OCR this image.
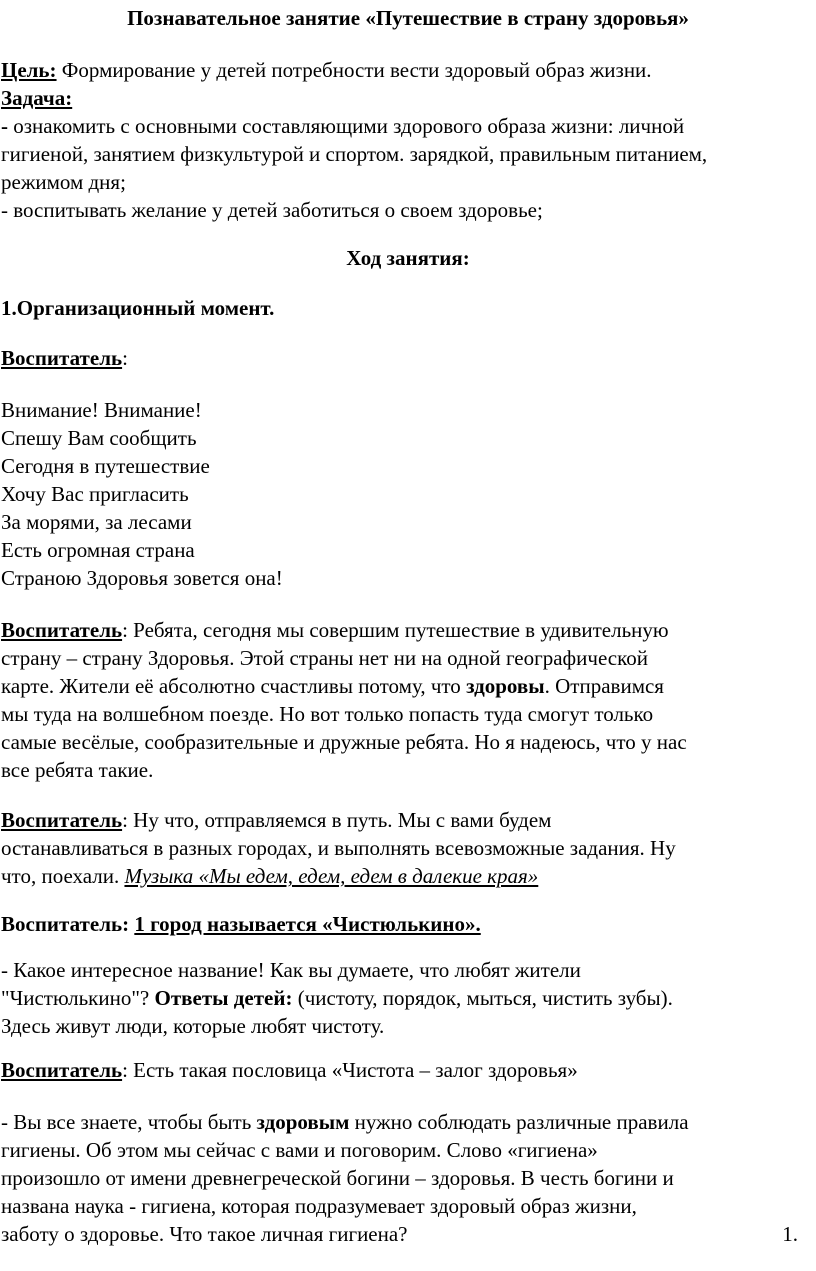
Познавательное занятие «Путешествие в страну здоровья»
Цель: Формирование у детей потребности вести здоровый образ жизни.
Задача:
- ознакомить с основными составляющими здорового образа жизни: личной
гигиеной, занятием физкультурой и спортом. зарядкой, правильным питанием,
режимом дня;
- воспитывать желание у детей заботиться о своем здоровье;
Ход занятия:
1.Организационный момент.
Воспитатель:
Внимание! Внимание!
Спешу Вам сообщить
Сегодня в путешествие
Хочу Вас пригласить
За морями, за лесами
Есть огромная страна
Страною Здоровья зовется она!
Воспитатель: Ребята, сегодня мы совершим путешествие в удивительную
страну – страну Здоровья. Этой страны нет ни на одной географической
карте. Жители её абсолютно счастливы потому, что здоровы. Отправимся
мы туда на волшебном поезде. Но вот только попасть туда смогут только
самые весёлые, сообразительные и дружные ребята. Но я надеюсь, что у нас
все ребята такие.
Воспитатель: Ну что, отправляемся в путь. Мы с вами будем
останавливаться в разных городах, и выполнять всевозможные задания. Ну
что, поехали. Музыка «Мы едем, едем, едем в далекие края»
Воспитатель: 1 город называется «Чистюлькино».
- Какое интересное название! Как вы думаете, что любят жители
"Чистюлькино"? Ответы детей: (чистоту, порядок, мыться, чистить зубы).
Здесь живут люди, которые любят чистоту.
Воспитатель: Есть такая пословица «Чистота – залог здоровья»
- Вы все знаете, чтобы быть здоровым нужно соблюдать различные правила
гигиены. Об этом мы сейчас с вами и поговорим. Слово «гигиена»
произошло от имени древнегреческой богини – здоровья. В честь богини и
названа наука - гигиена, которая подразумевает здоровый образ жизни,
заботу о здоровье. Что такое личная гигиена?	1.
